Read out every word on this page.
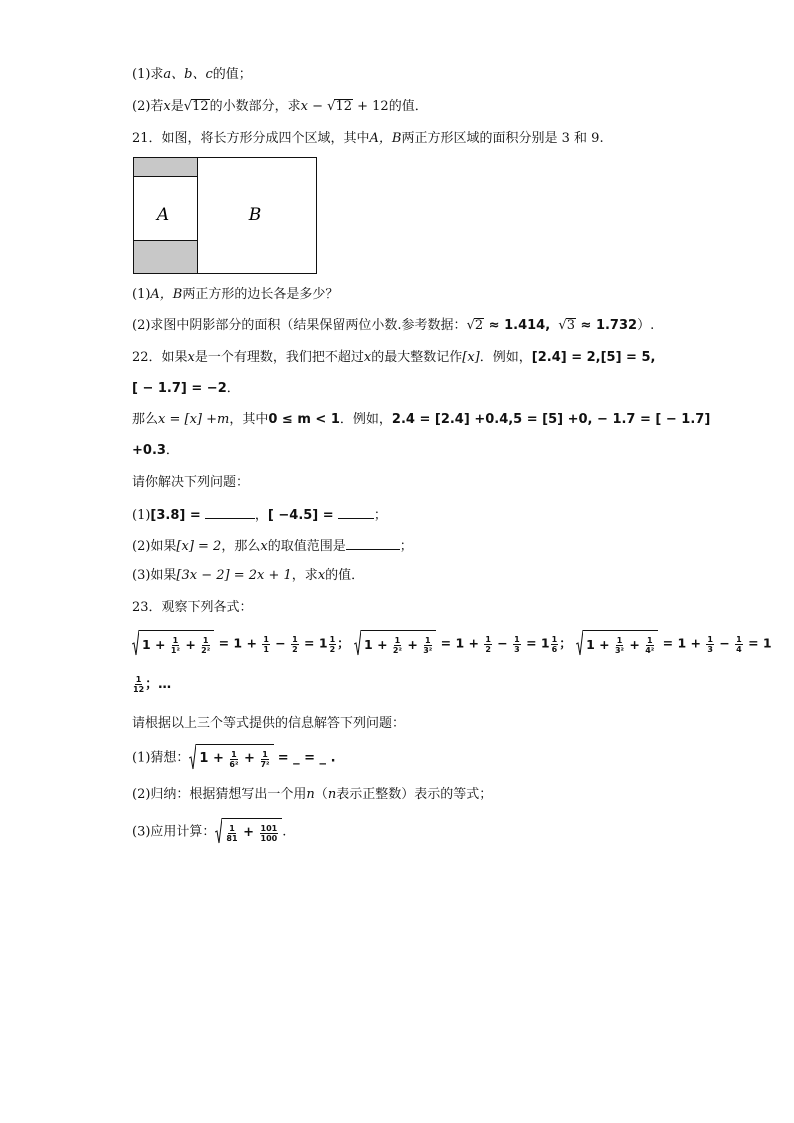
(1)求a、b、c的值；
(2)若x是√12的小数部分，求x − √12 + 12的值．
21．如图，将长方形分成四个区域，其中A，B两正方形区域的面积分别是 3 和 9.
A	B
(1)A，B两正方形的边长各是多少？
(2)求图中阴影部分的面积（结果保留两位小数.参考数据：√2 ≈ 1.414, √3 ≈ 1.732）.
22．如果x是一个有理数，我们把不超过x的最大整数记作[x]．例如，[2.4] = 2,[5] = 5,
[ − 1.7] = −2．
那么x = [x] +m，其中0 ≤ m < 1．例如，2.4 = [2.4] +0.4,5 = [5] +0, − 1.7 = [ − 1.7]
+0.3．
请你解决下列问题：
(1)[3.8] =	，[ −4.5] =	；
(2)如果[x] = 2，那么x的取值范围是	；
(3)如果[3x − 2] = 2x + 1，求x的值．
23．观察下列各式：
1 +
$\frac{1}{\text{1²}}$
+
$\frac{1}{\text{2²}} = 1 + \frac{1}{1} - \frac{1}{2} = 1 \frac{1}{2}$ ； 1 +
$\frac{1}{\text{2²}}$
+
$\frac{1}{\text{3²}} = 1 + \frac{1}{2} - \frac{1}{3} = 1 \frac{1}{6}$ ； 1 +
$\frac{1}{\text{3²}}$
+
$\frac{1}{\text{4²}} = 1 + \frac{1}{3} - \frac{1}{4} = 1$
$\frac{1}{12}$ ；…
请根据以上三个等式提供的信息解答下列问题：
(1)猜想： 1 +
$\frac{1}{\text{6²}}$
+
$\frac{1}{\text{7²}}$ = _ = _ .
(2)归纳：根据猜想写出一个用n（n表示正整数）表示的等式；
(3)应用计算： $\frac{1}{81}$
+
$\frac{101}{100}$ .
